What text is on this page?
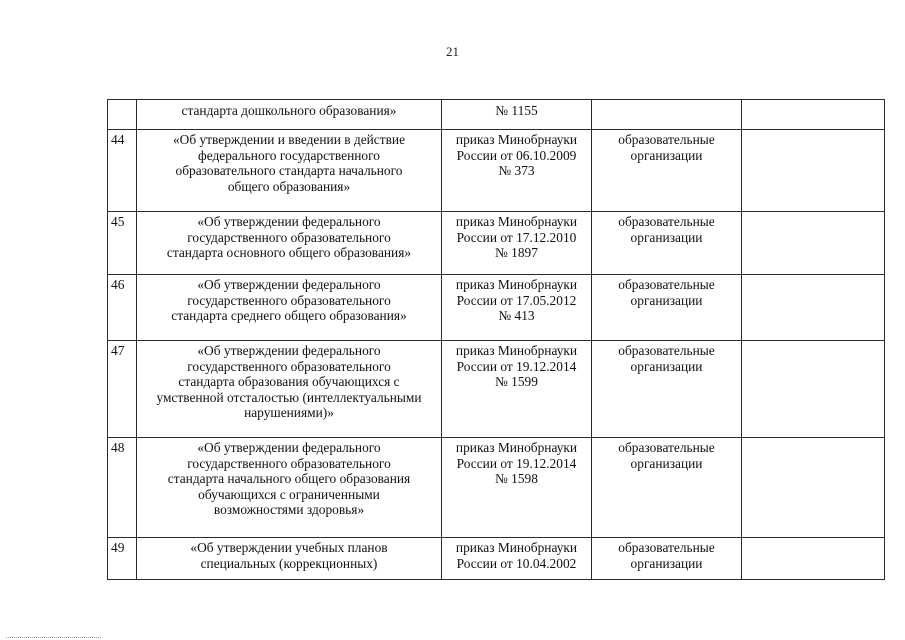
21

	стандарта дошкольного образования»	№ 1155		

44	«Об утверждении и введении в действие
федерального государственного
образовательного стандарта начального
общего образования»	приказ Минобрнауки
России от 06.10.2009
№ 373	образовательные
организации	

45	«Об утверждении федерального
государственного образовательного
стандарта основного общего образования»	приказ Минобрнауки
России от 17.12.2010
№ 1897	образовательные
организации	

46	«Об утверждении федерального
государственного образовательного
стандарта среднего общего образования»	приказ Минобрнауки
России от 17.05.2012
№ 413	образовательные
организации	

47	«Об утверждении федерального
государственного образовательного
стандарта образования обучающихся с
умственной отсталостью (интеллектуальными
нарушениями)»	приказ Минобрнауки
России от 19.12.2014
№ 1599	образовательные
организации	

48	«Об утверждении федерального
государственного образовательного
стандарта начального общего образования
обучающихся с ограниченными
возможностями здоровья»	приказ Минобрнауки
России от 19.12.2014
№ 1598	образовательные
организации	

49	«Об утверждении учебных планов
специальных (коррекционных)	приказ Минобрнауки
России от 10.04.2002	образовательные
организации	
